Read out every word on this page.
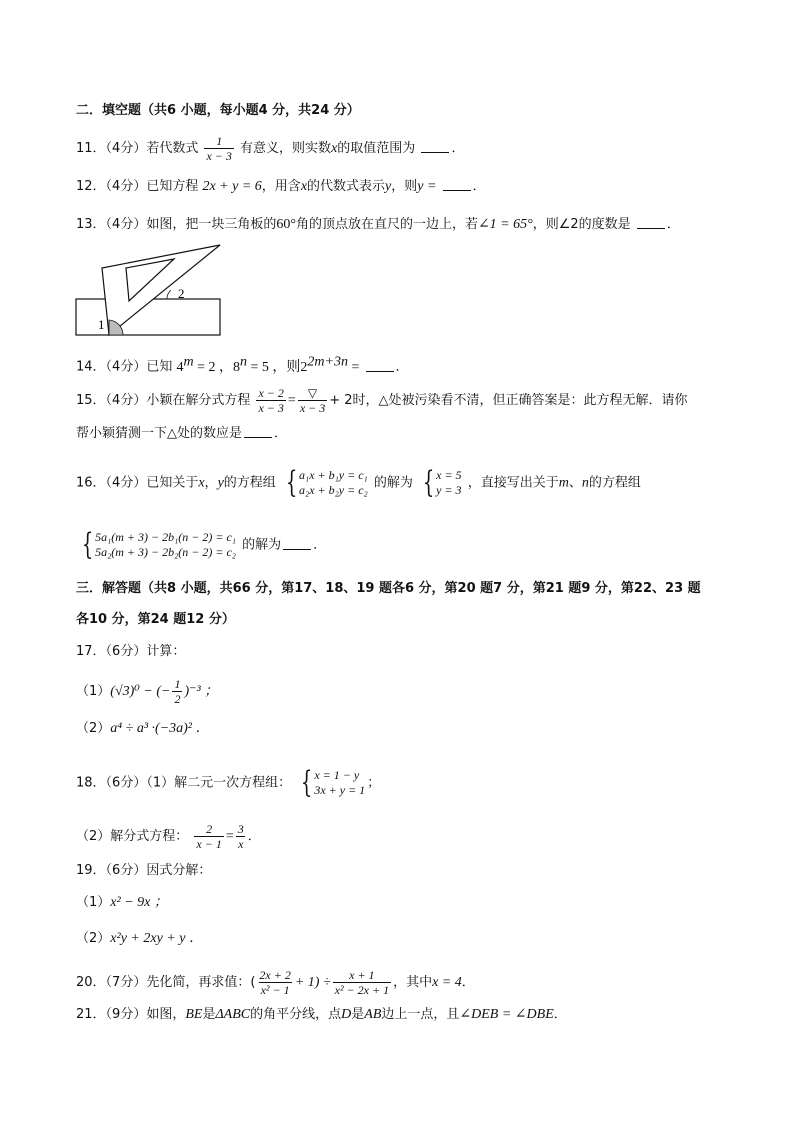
二．填空题（共6 小题，每小题4 分，共24 分）
11．（4分）若代数式 $\frac{1}{x - 3}$ 有意义，则实数x的取值范围为	．
12．（4分）已知方程 2x + y = 6，用含x的代数式表示y，则y =	．
13．（4分）如图，把一块三角板的60°角的顶点放在直尺的一边上，若∠1 = 65°，则∠2的度数是	．
1
2
14．（4分）已知 $4^m = 2$ ，$8^n = 5$ ，则$2^{2m+3n}$ =	．
15．（4分）小颖在解分式方程 $\frac{x - 2}{x - 3} = \frac{▽}{x - 3} + 2$时，△处被污染看不清，但正确答案是：此方程无解．请你
帮小颖猜测一下△处的数应是 ．
16．（4分）已知关于x，y的方程组 { a₁x + b₁y = c₁
a₂x + b₂y = c₂ 的解为 { x = 5
y = 3 ，直接写出关于m、n的方程组
{ 5a₁(m + 3) − 2b₁(n − 2) = c₁
5a₂(m + 3) − 2b₂(n − 2) = c₂ 的解为 ．
三．解答题（共8 小题，共66 分，第17、18、19 题各6 分，第20 题7 分，第21 题9 分，第22、23 题
各10 分，第24 题12 分）
17．（6分）计算：
（1）(√3)⁰ − (− $\frac{1}{2} )^{-3}$ ；
（2）a⁴ ÷ a³ ·(−3a)² ．
18．（6分）（1）解二元一次方程组： { x = 1 − y
3x + y = 1 ；
（2）解分式方程： $\frac{2}{x - 1} = \frac{3}{x}$ ．
19．（6分）因式分解：
（1）x² − 9x ；
（2）x²y + 2xy + y ．
20．（7分）先化简，再求值：( $\frac{2x + 2}{\text{x² − 1}} + 1) \div \frac{x + 1}{\text{x² − 2x + 1}}$ ，其中x = 4．
21．（9分）如图，BE是ΔABC的角平分线，点D是AB边上一点，且∠DEB = ∠DBE．
